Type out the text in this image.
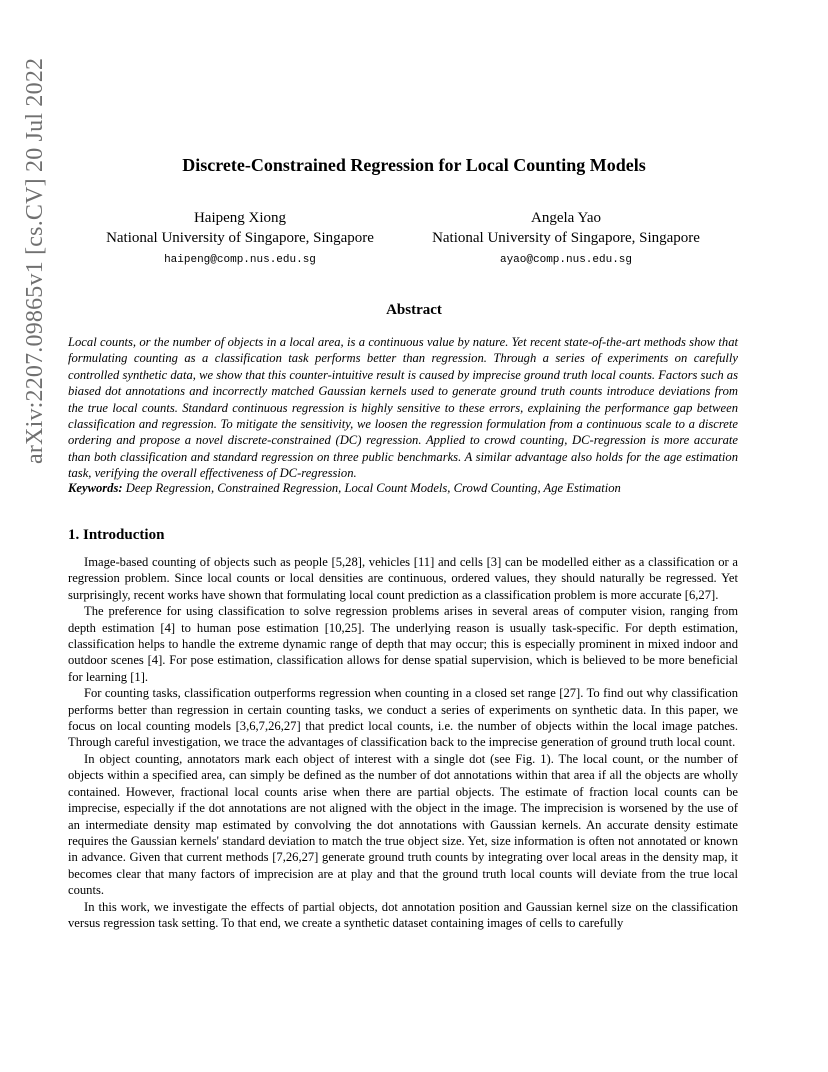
arXiv:2207.09865v1 [cs.CV] 20 Jul 2022	Discrete-Constrained Regression for Local Counting Models
Haipeng Xiong
National University of Singapore, Singapore
haipeng@comp.nus.edu.sg
Angela Yao
National University of Singapore, Singapore
ayao@comp.nus.edu.sg
Abstract
Local counts, or the number of objects in a local area, is a continuous value by nature. Yet recent state-of-the-art methods show that formulating counting as a classification task performs better than regression. Through a series of experiments on carefully controlled synthetic data, we show that this counter-intuitive result is caused by imprecise ground truth local counts. Factors such as biased dot annotations and incorrectly matched Gaussian kernels used to generate ground truth counts introduce deviations from the true local counts. Standard continuous regression is highly sensitive to these errors, explaining the performance gap between classification and regression. To mitigate the sensitivity, we loosen the regression formulation from a continuous scale to a discrete ordering and propose a novel discrete-constrained (DC) regression. Applied to crowd counting, DC-regression is more accurate than both classification and standard regression on three public benchmarks. A similar advantage also holds for the age estimation task, verifying the overall effectiveness of DC-regression.
Keywords: Deep Regression, Constrained Regression, Local Count Models, Crowd Counting, Age Estimation
1. Introduction

Image-based counting of objects such as people [5,28], vehicles [11] and cells [3] can be modelled either as a classification or a regression problem. Since local counts or local densities are continuous, ordered values, they should naturally be regressed. Yet surprisingly, recent works have shown that formulating local count prediction as a classification problem is more accurate [6,27].

The preference for using classification to solve regression problems arises in several areas of computer vision, ranging from depth estimation [4] to human pose estimation [10,25]. The underlying reason is usually task-specific. For depth estimation, classification helps to handle the extreme dynamic range of depth that may occur; this is especially prominent in mixed indoor and outdoor scenes [4]. For pose estimation, classification allows for dense spatial supervision, which is believed to be more beneficial for learning [1].

For counting tasks, classification outperforms regression when counting in a closed set range [27]. To find out why classification performs better than regression in certain counting tasks, we conduct a series of experiments on synthetic data. In this paper, we focus on local counting models [3,6,7,26,27] that predict local counts, i.e. the number of objects within the local image patches. Through careful investigation, we trace the advantages of classification back to the imprecise generation of ground truth local count.

In object counting, annotators mark each object of interest with a single dot (see Fig. 1). The local count, or the number of objects within a specified area, can simply be defined as the number of dot annotations within that area if all the objects are wholly contained. However, fractional local counts arise when there are partial objects. The estimate of fraction local counts can be imprecise, especially if the dot annotations are not aligned with the object in the image. The imprecision is worsened by the use of an intermediate density map estimated by convolving the dot annotations with Gaussian kernels. An accurate density estimate requires the Gaussian kernels' standard deviation to match the true object size. Yet, size information is often not annotated or known in advance. Given that current methods [7,26,27] generate ground truth counts by integrating over local areas in the density map, it becomes clear that many factors of imprecision are at play and that the ground truth local counts will deviate from the true local counts.

In this work, we investigate the effects of partial objects, dot annotation position and Gaussian kernel size on the classification versus regression task setting. To that end, we create a synthetic dataset containing images of cells to carefully
